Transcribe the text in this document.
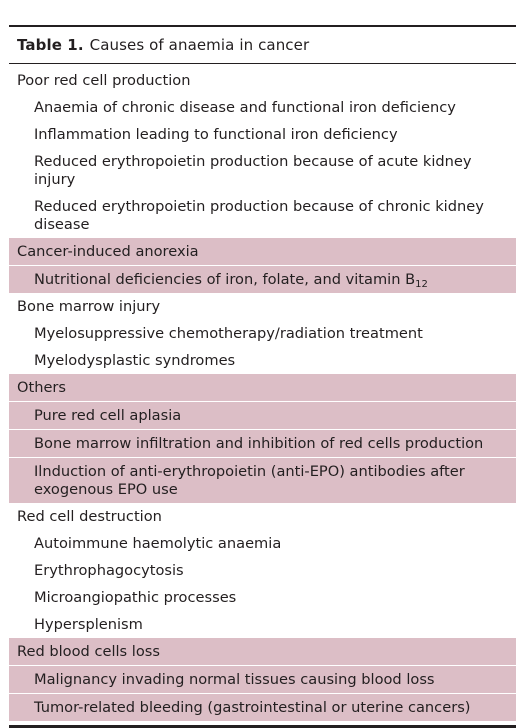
Table 1. Causes of anaemia in cancer
Poor red cell production
Anaemia of chronic disease and functional iron deficiency
Inflammation leading to functional iron deficiency
Reduced erythropoietin production because of acute kidney injury
Reduced erythropoietin production because of chronic kidney disease
Cancer-induced anorexia
Nutritional deficiencies of iron, folate, and vitamin $B_{12}$
Bone marrow injury
Myelosuppressive chemotherapy/radiation treatment
Myelodysplastic syndromes
Others
Pure red cell aplasia
Bone marrow infiltration and inhibition of red cells production
Ilnduction of anti-erythropoietin (anti-EPO) antibodies after exogenous EPO use
Red cell destruction
Autoimmune haemolytic anaemia
Erythrophagocytosis
Microangiopathic processes
Hypersplenism
Red blood cells loss
Malignancy invading normal tissues causing blood loss
Tumor-related bleeding (gastrointestinal or uterine cancers)
